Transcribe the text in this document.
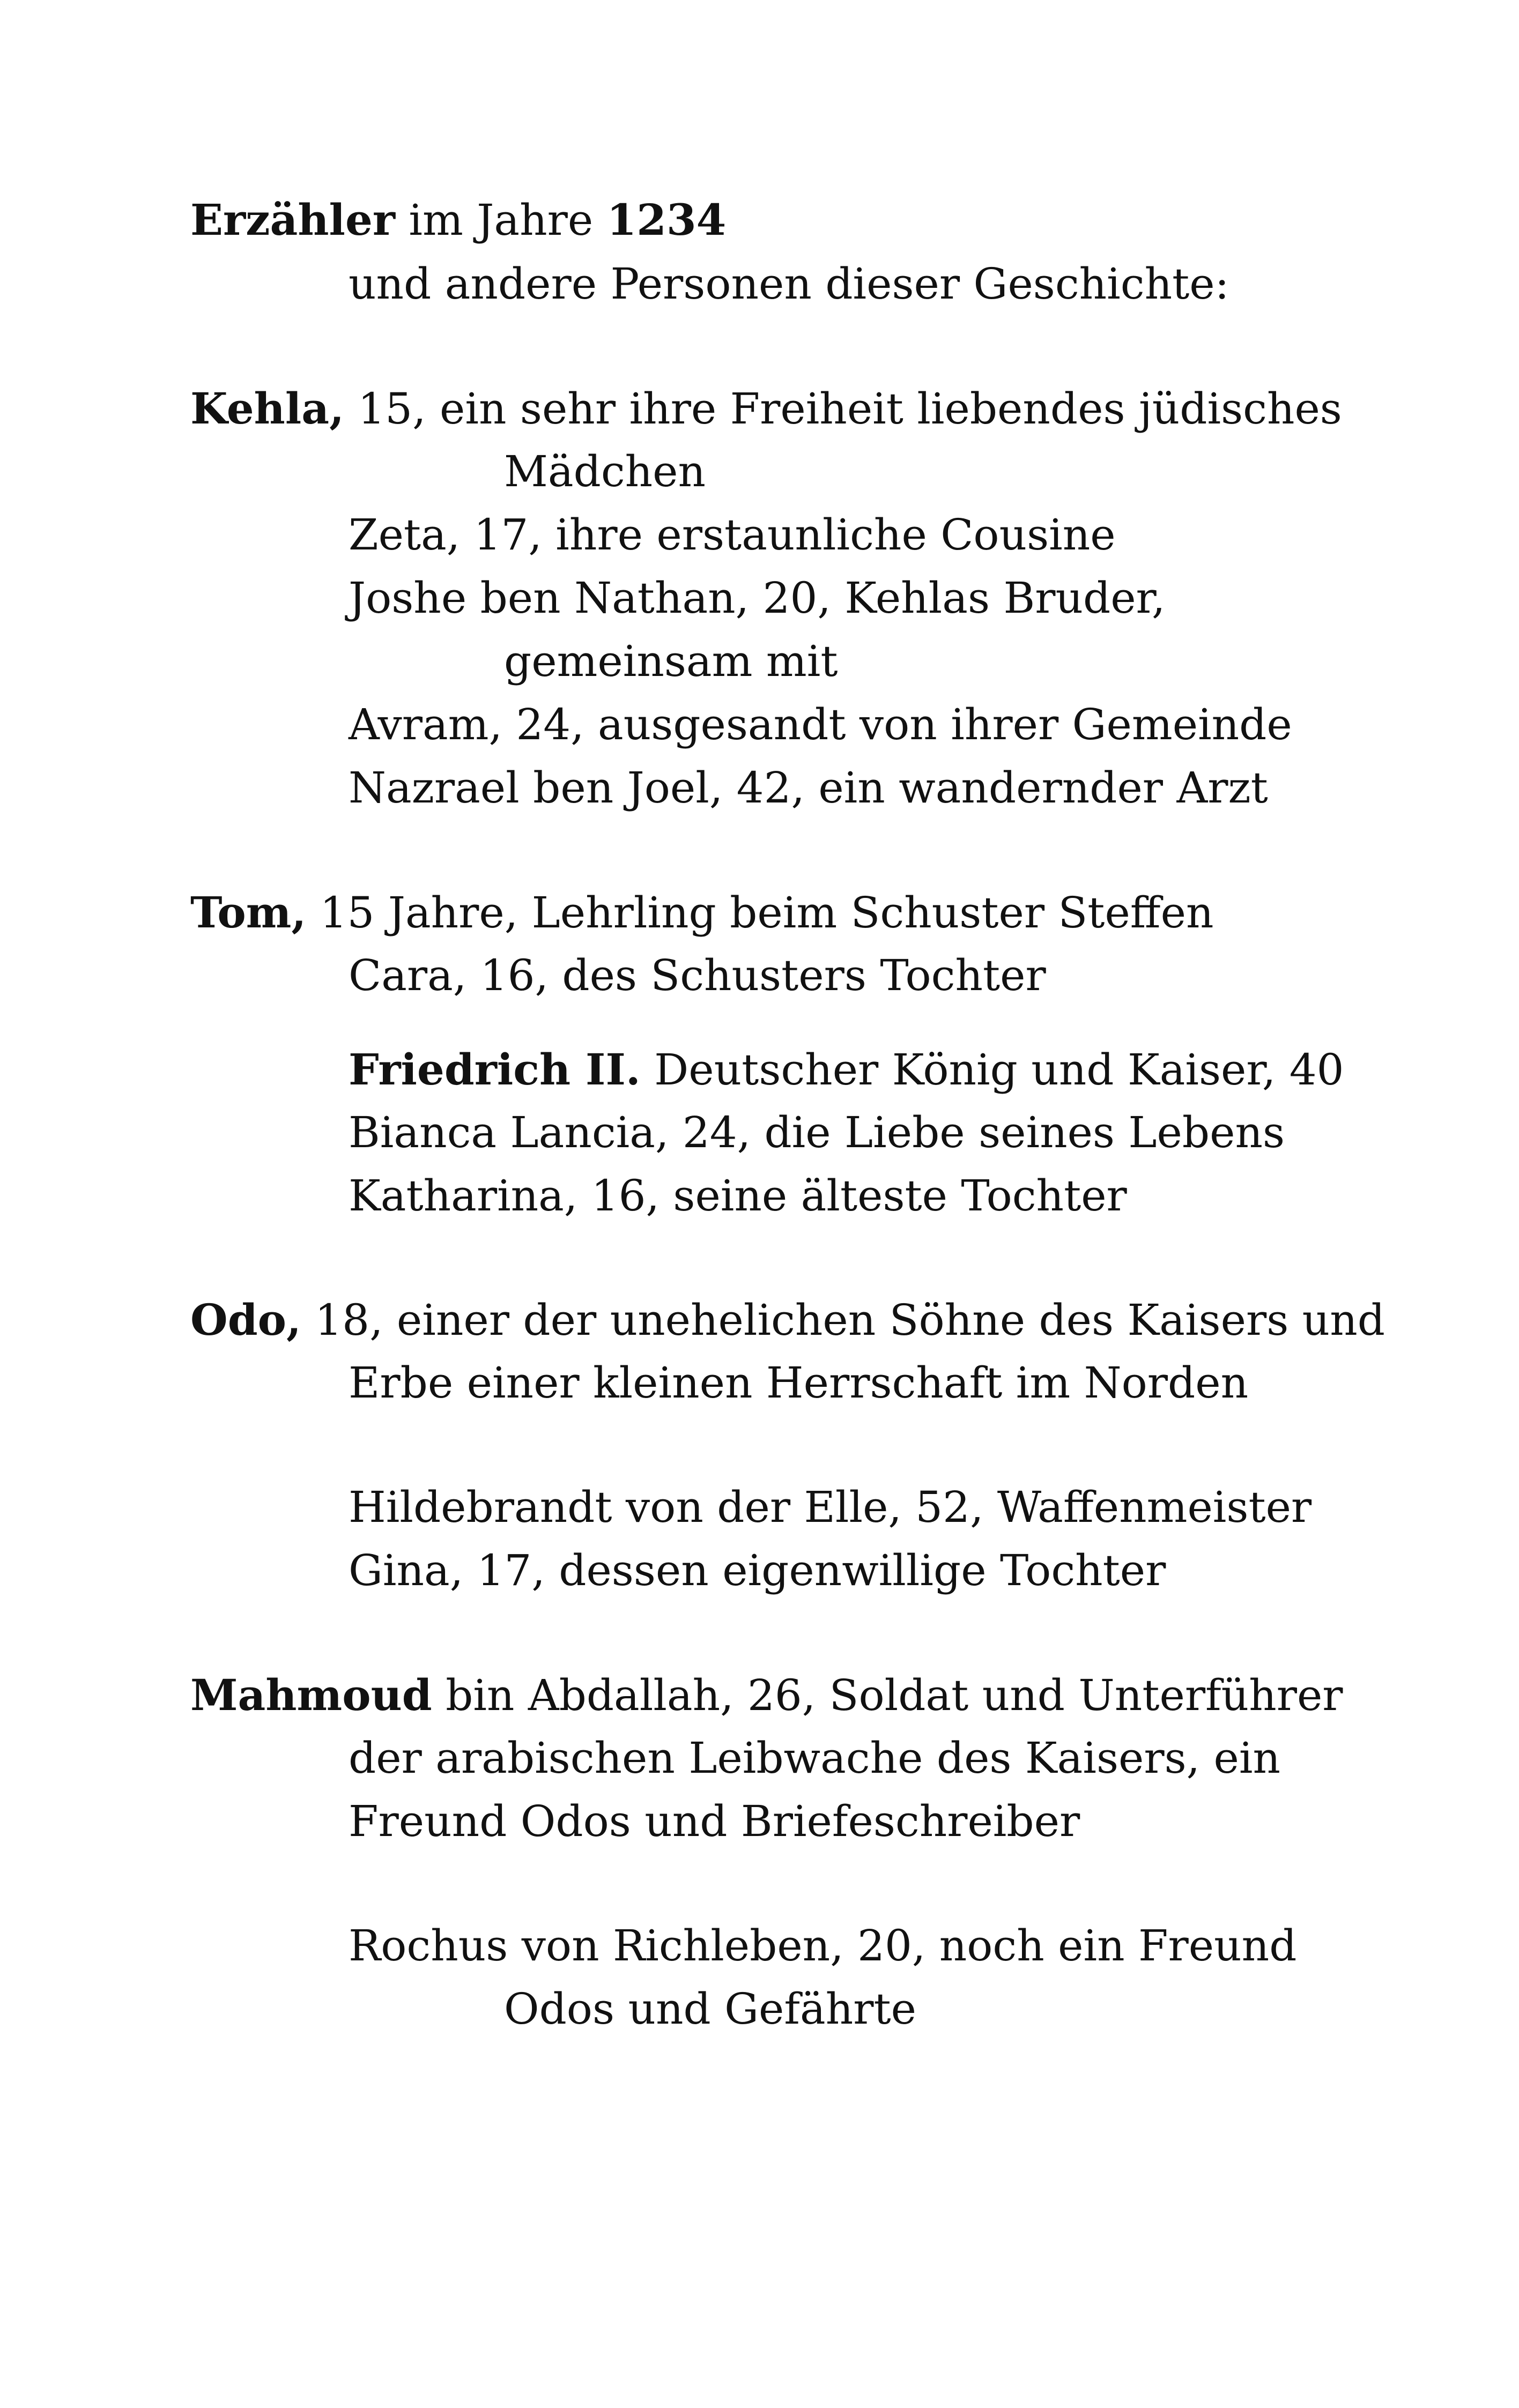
Erzähler im Jahre 1234
und andere Personen dieser Geschichte:
Kehla, 15, ein sehr ihre Freiheit liebendes jüdisches
Mädchen
Zeta, 17, ihre erstaunliche Cousine
Joshe ben Nathan, 20, Kehlas Bruder,
gemeinsam mit
Avram, 24, ausgesandt von ihrer Gemeinde
Nazrael ben Joel, 42, ein wandernder Arzt
Tom, 15 Jahre, Lehrling beim Schuster Steffen
Cara, 16, des Schusters Tochter
Friedrich II. Deutscher König und Kaiser, 40
Bianca Lancia, 24, die Liebe seines Lebens
Katharina, 16, seine älteste Tochter
Odo, 18, einer der unehelichen Söhne des Kaisers und
Erbe einer kleinen Herrschaft im Norden
Hildebrandt von der Elle, 52, Waffenmeister
Gina, 17, dessen eigenwillige Tochter
Mahmoud bin Abdallah, 26, Soldat und Unterführer
der arabischen Leibwache des Kaisers, ein
Freund Odos und Briefeschreiber
Rochus von Richleben, 20, noch ein Freund
Odos und Gefährte
